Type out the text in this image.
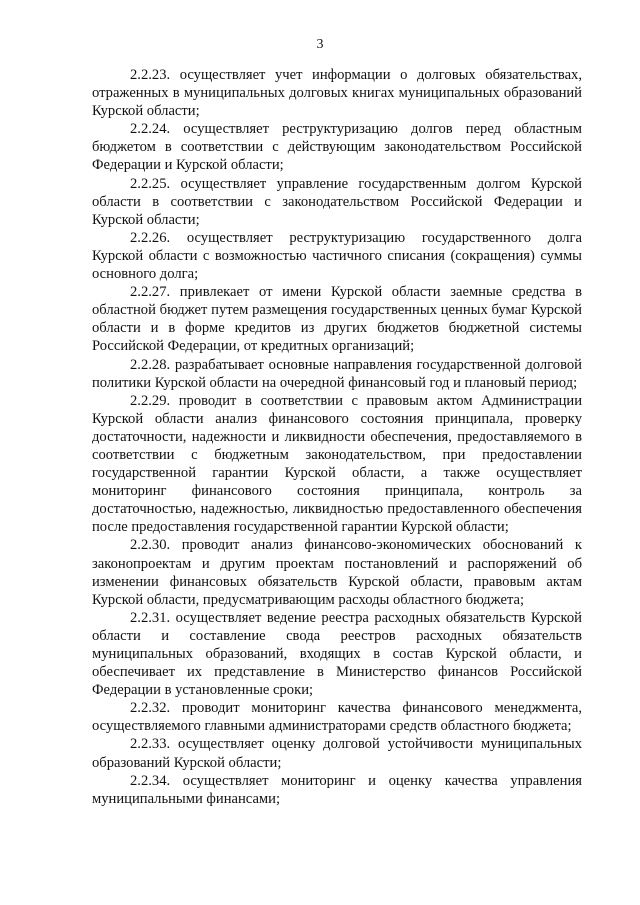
3

2.2.23. осуществляет учет информации о долговых обязательствах, отраженных в муниципальных долговых книгах муниципальных образований Курской области;

2.2.24. осуществляет реструктуризацию долгов перед областным бюджетом в соответствии с действующим законодательством Российской Федерации и Курской области;

2.2.25. осуществляет управление государственным долгом Курской области в соответствии с законодательством Российской Федерации и Курской области;

2.2.26. осуществляет реструктуризацию государственного долга Курской области с возможностью частичного списания (сокращения) суммы основного долга;

2.2.27. привлекает от имени Курской области заемные средства в областной бюджет путем размещения государственных ценных бумаг Курской области и в форме кредитов из других бюджетов бюджетной системы Российской Федерации, от кредитных организаций;

2.2.28. разрабатывает основные направления государственной долговой политики Курской области на очередной финансовый год и плановый период;

2.2.29. проводит в соответствии с правовым актом Администрации Курской области анализ финансового состояния принципала, проверку достаточности, надежности и ликвидности обеспечения, предоставляемого в соответствии с бюджетным законодательством, при предоставлении государственной гарантии Курской области, а также осуществляет мониторинг финансового состояния принципала, контроль за достаточностью, надежностью, ликвидностью предоставленного обеспечения после предоставления государственной гарантии Курской области;

2.2.30. проводит анализ финансово-экономических обоснований к законопроектам и другим проектам постановлений и распоряжений об изменении финансовых обязательств Курской области, правовым актам Курской области, предусматривающим расходы областного бюджета;

2.2.31. осуществляет ведение реестра расходных обязательств Курской области и составление свода реестров расходных обязательств муниципальных образований, входящих в состав Курской области, и обеспечивает их представление в Министерство финансов Российской Федерации в установленные сроки;

2.2.32. проводит мониторинг качества финансового менеджмента, осуществляемого главными администраторами средств областного бюджета;

2.2.33. осуществляет оценку долговой устойчивости муниципальных образований Курской области;

2.2.34. осуществляет мониторинг и оценку качества управления муниципальными финансами;
